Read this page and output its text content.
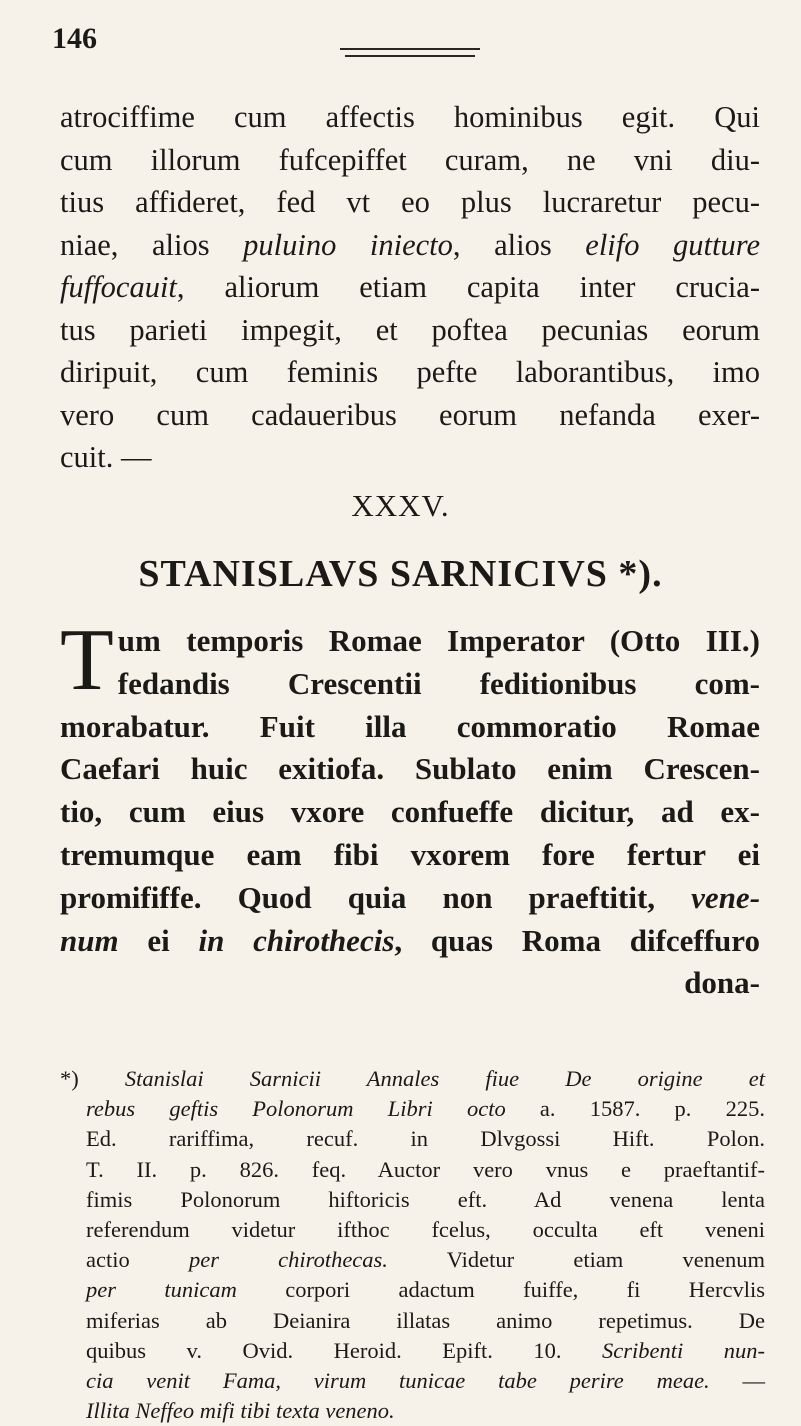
146
atrociffime cum affectis hominibus egit. Qui
cum illorum fufcepiffet curam, ne vni diu-
tius affideret, fed vt eo plus lucraretur pecu-
niae, alios puluino iniecto, alios elifo gutture
fuffocauit, aliorum etiam capita inter crucia-
tus parieti impegit, et poftea pecunias eorum
diripuit, cum feminis pefte laborantibus, imo
vero cum cadaueribus eorum nefanda exer-
cuit. —
XXXV.
STANISLAVS SARNICIVS *).
T um temporis Romae Imperator (Otto III.)
fedandis Crescentii feditionibus com-
morabatur. Fuit illa commoratio Romae
Caefari huic exitiofa. Sublato enim Crescen-
tio, cum eius vxore confueffe dicitur, ad ex-
tremumque eam fibi vxorem fore fertur ei
promififfe. Quod quia non praeftitit, vene-
num ei in chirothecis, quas Roma difceffuro
dona-
*) Stanislai Sarnicii Annales fiue De origine et
rebus geftis Polonorum Libri octo a. 1587. p. 225.
Ed. rariffima, recuf. in Dlvgossi Hift. Polon.
T. II. p. 826. feq. Auctor vero vnus e praeftantif-
fimis Polonorum hiftoricis eft. Ad venena lenta
referendum videtur ifthoc fcelus, occulta eft veneni
actio per chirothecas. Videtur etiam venenum
per tunicam corpori adactum fuiffe, fi Hercvlis
miferias ab Deianira illatas animo repetimus. De
quibus v. Ovid. Heroid. Epift. 10. Scribenti nun-
cia venit Fama, virum tunicae tabe perire meae. —
Illita Neffeo mifi tibi texta veneno.
